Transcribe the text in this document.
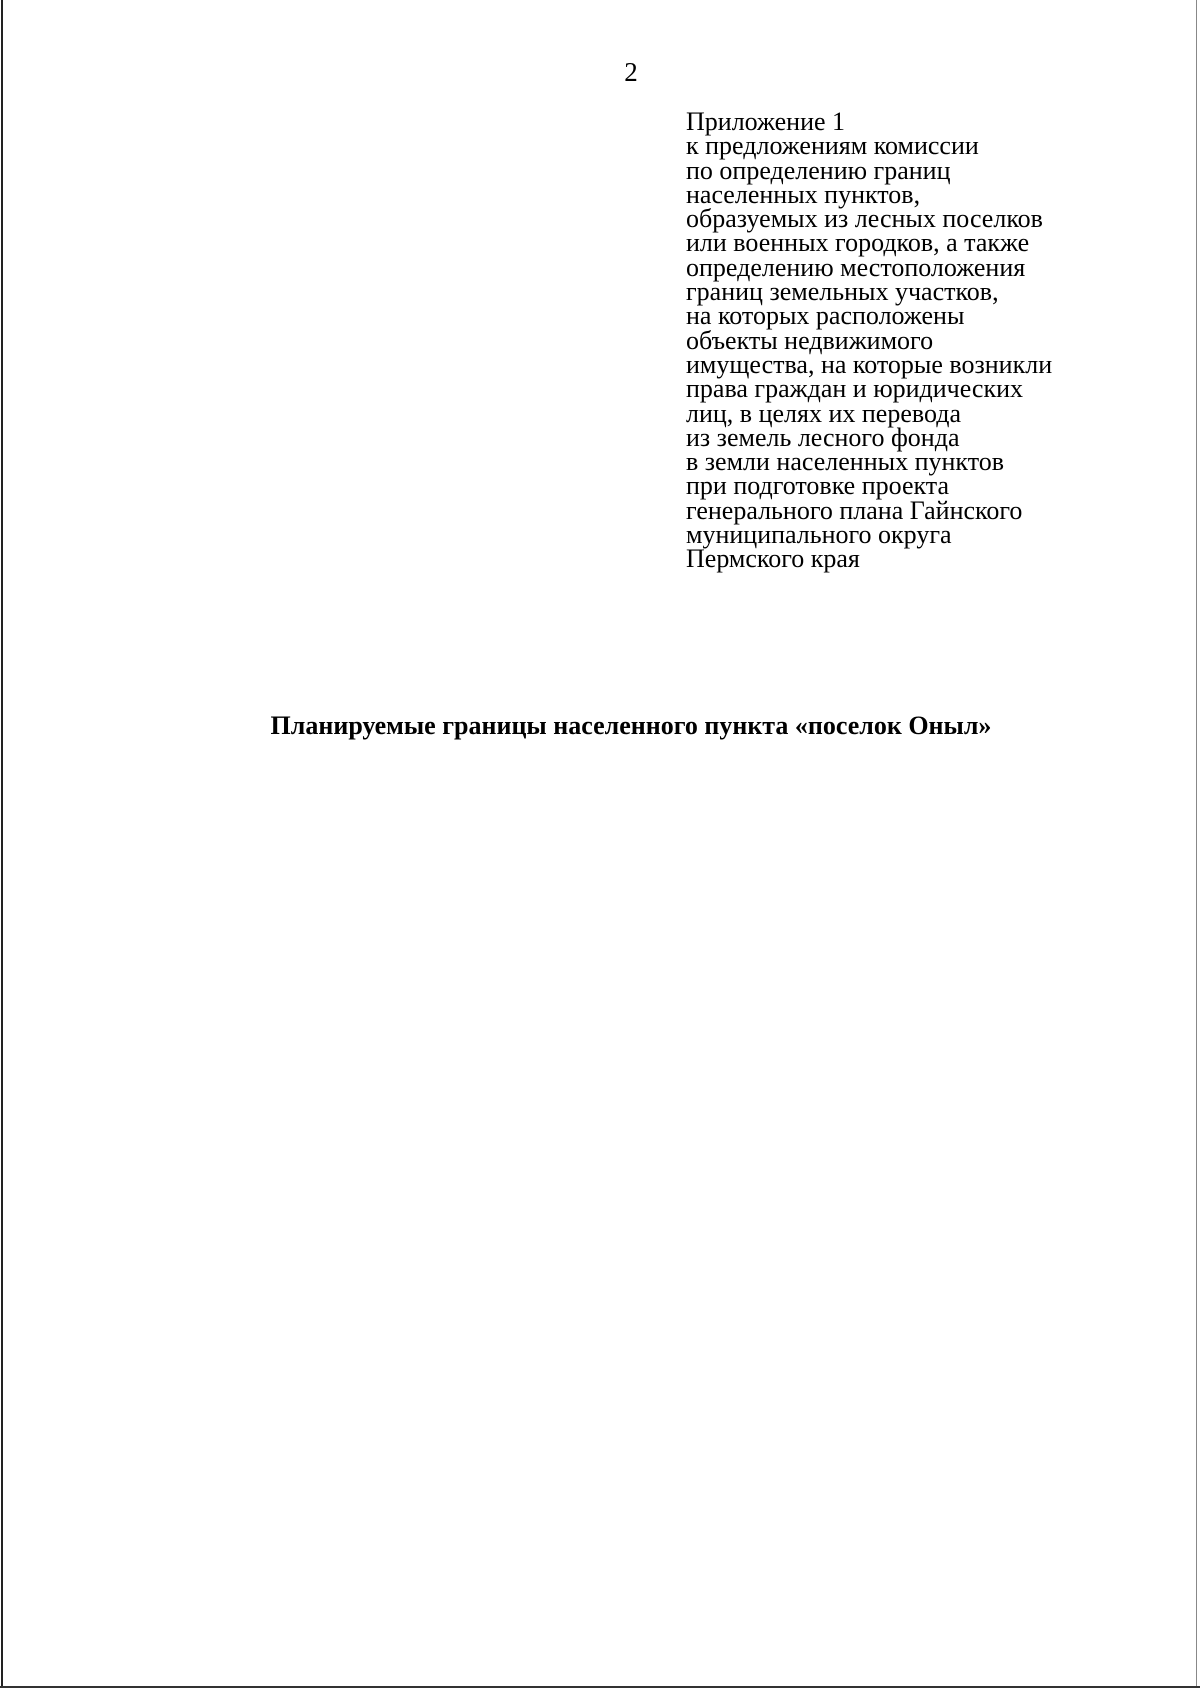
2
Приложение 1
к предложениям комиссии
по определению границ
населенных пунктов,
образуемых из лесных поселков
или военных городков, а также
определению местоположения
границ земельных участков,
на которых расположены
объекты недвижимого
имущества, на которые возникли
права граждан и юридических
лиц, в целях их перевода
из земель лесного фонда
в земли населенных пунктов
при подготовке проекта
генерального плана Гайнского
муниципального округа
Пермского края
Планируемые границы населенного пункта «поселок Оныл»
